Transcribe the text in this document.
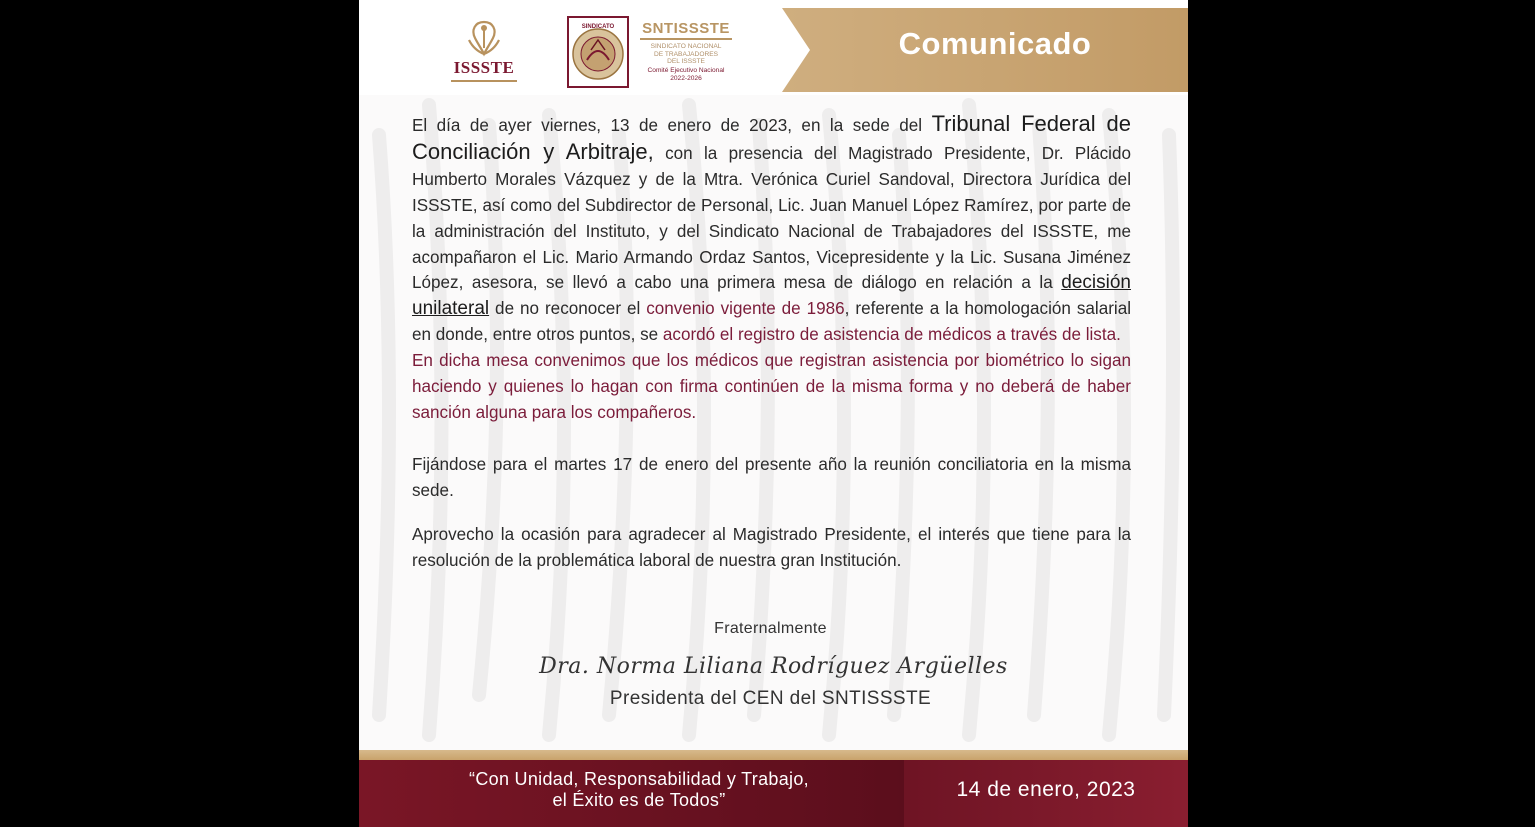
ISSSTE
SINDICATO	SNTISSSTE
SINDICATO NACIONAL
DE TRABAJADORES
DEL ISSSTE
Comité Ejecutivo Nacional
2022-2026
Comunicado

El día de ayer viernes, 13 de enero de 2023, en la sede del Tribunal Federal de Conciliación y Arbitraje, con la presencia del Magistrado Presidente, Dr. Plácido Humberto Morales Vázquez y de la Mtra. Verónica Curiel Sandoval, Directora Jurídica del ISSSTE, así como del Subdirector de Personal, Lic. Juan Manuel López Ramírez, por parte de la administración del Instituto, y del Sindicato Nacional de Trabajadores del ISSSTE, me acompañaron el Lic. Mario Armando Ordaz Santos, Vicepresidente y la Lic. Susana Jiménez López, asesora, se llevó a cabo una primera mesa de diálogo en relación a la decisión unilateral de no reconocer el convenio vigente de 1986, referente a la homologación salarial en donde, entre otros puntos, se acordó el registro de asistencia de médicos a través de lista.
En dicha mesa convenimos que los médicos que registran asistencia por biométrico lo sigan haciendo y quienes lo hagan con firma continúen de la misma forma y no deberá de haber sanción alguna para los compañeros.

Fijándose para el martes 17 de enero del presente año la reunión conciliatoria en la misma sede.

Aprovecho la ocasión para agradecer al Magistrado Presidente, el interés que tiene para la resolución de la problemática laboral de nuestra gran Institución.

Fraternalmente
Dra. Norma Liliana Rodríguez Argüelles
Presidenta del CEN del SNTISSSTE
“Con Unidad, Responsabilidad y Trabajo,
el Éxito es de Todos”	14 de enero, 2023
